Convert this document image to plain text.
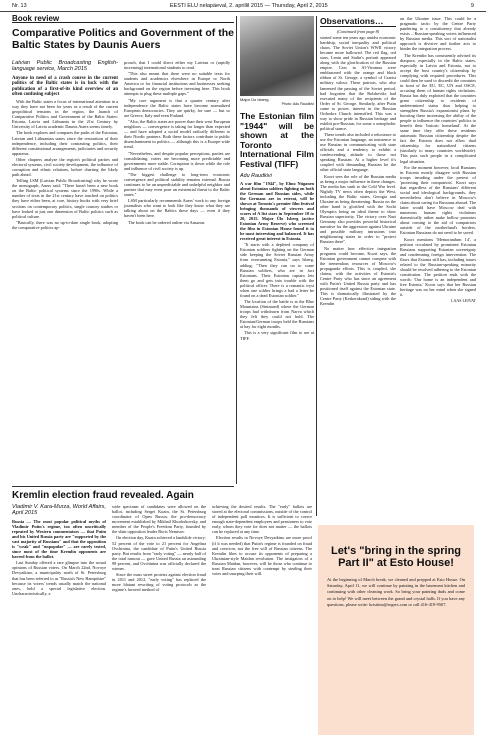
Nr. 13	EESTI ELU nelapäeval, 2. aprillil 2015 — Thursday, April 2, 2015	9
Book review
Comparative Politics and Government of the Baltic States by Daunis Auers
Latvian Public Broadcasting English-language service, March 2015

Anyone in need of a crash course in the current politics of the Baltic states is in luck with the publication of a first-of-its kind overview of an often confusing subject

With the Baltic states a focus of international attention in a way they have not been for years as a result of the current geopolitical tensions in the region, the launch of Comparative Politics and Government of the Baltic States: Estonia, Latvia and Lithuania in the 21st Century by University of Latvia academic Daunis Auers seems timely.

The book explores and compares the paths of the Estonian, Latvian and Lithuanian states since the restoration of their independence, including their contrasting politics, their different constitutional arrangements, judiciaries and security apparatus.

Other chapters analyze the region's political parties and electoral systems, civil society development, the influence of corruption and ethnic relations, before charting the likely path ahead.

Telling LSM (Latvian Public Broadcasting) why he wrote the monograph, Auers said: "There hasn't been a new book on the Baltic political systems since the 1990s. While a number of texts in the 21st century have touched on politics they have either been, at core, history books with very brief sections on contemporary politics, single country studies or have looked at just one dimension of Baltic politics such as political culture.

"Basically, there was no up-to-date single book, adopting the comparative politics ap-

proach, that I could direct either my Latvian or (rapidly increasing) international students to read.

"This also meant that there were no suitable texts for students and academics elsewhere in Europe or North America or for financial institutions and businesses seeking background on the region before investing here. This book attempts to plug these multiple gaps."

"My core argument is that a quarter century after independence the Baltic states have become normalized European democracies. They are quirky, for sure — but so are Greece, Italy and even Finland.

"Also, the Baltic states are poorer than their west European neighbors — convergence is taking far longer than expected — and have adopted a social model radically different to their Nordic partners. Both these factors contribute to public disenchantment in politics — although this is a Europe-wide trend.

"Nevertheless, and despite popular perceptions, parties are consolidating, voters are becoming more predictable and governments more stable. Corruption is down while the role and influence of civil society is up.

"The biggest challenge to long-term economic convergence and political stability remains external. Russia continues to be an unpredictable and unhelpful neighbor and partner that may even pose an existential threat to the Baltic states."

LSM particularly recommends Auers' work to any foreign journalists who want to look like they know what they are talking about on the Baltics these days — even if they haven't been here.

The book can be ordered online via Amazon.

Major Üo Isberg.
Photo: Adu Raudkivi
The Estonian film "1944" will be shown at the Toronto International Film Festival (TIFF)
Adu Raudkivi

A war film "1944", by Elmo Nüganen about Estonian soldiers fighting on both the German and Russian sides, while the Germans are in retreat, will be shown at Toronto's premier film festival bringing thousands of viewers and scores of A list stars in September 10 to 20, 2015. Major Ülo Isberg (active Estonian Army Reserve) who screened the film in Estonian House found it to be most interesting and balanced. It has received great interest in Estonia.

"It starts with a depleted company of Estonian soldiers fighting on the German side keeping the Soviet Russian Army from overrunning Estonia," says Isberg, adding, "Then they run on to some Russian soldiers, who are in fact Estonians. Their Estonian captain lets them go and gets into trouble with the political officer. There is a romantic tryst when one soldier brings a bad a letter he found on a dead Estonian soldier."

The location of the battle is at the Blue Mountains (Sinimaed) where the German troops had withdrawn from Narva which they felt they could not hold. The Estonian/German troops held the Russians at bay for eight months.

This is a very significant film to see at TIFF.

Observations…
(Continued from page 8)

started some ten years ago amidst economic hardship, social inequality and political chaos. The Soviet Union's WWII victory became more hallowed. The red flag, red stars, Lenin and Stalin's portrait appeared along with the glorification of the Russian empire. Cars in Al-Virumaa were emblazoned with the orange and black ribbon of St. George, a symbol of Czarist military valour. These patriots, who also lamented the passing of the Soviet period, had forgotten that the Bolsheviks had executed many of the recipients of the Order of St. George. Similarly, after Putin came to power, interest in the Russian Orthodox Church intensified. This was a way to show pride in Russian heritage and exhibit pro-Russian, for some a xenophobic political stance.

These trends also included a reluctance to use the Estonian language, an insistence to use Russian in communicating with state officials and a tendency to exhibit a condescending attitude to those not speaking Russian. At a higher level it's coupled with demanding Russian be the other official state language.

Koort sees the role of the Russian media as being a major influence in these changes. The media has sunk to the Cold War level. Nightly TV news often depicts the West, including the Baltic states, Georgia and Ukraine as being threatening. Russia on the other hand is glorified with the Sochi Olympics being an ideal theme to show Russian superiority. The victory over Nazi Germany also provides powerful historical narrative for the aggression against Ukraine and possible military intrusions into neighbouring states in order to "protect Russian there".

No matter how effective integration programs could become, Koort says, the Estonian government cannot compete with the tremendous resources of Moscow's propaganda efforts. This is coupled, she claims, with the activities of Estonia's Centre Party who has since an agreement with Putin's United Russia party and has positioned itself against the Estonian state. This is dramatically illustrated by the Centre Party (Keskerakond) siding with the Kremlin

on the Ukraine issue. This could be a pragmatic tactic by the Centre Party pandering to a constituency that already exists – Russian-speaking voters influenced by Russian media. This sort of nationalist approach is divisive and further acts to hinder the integration process.

The Kremlin has consistently advised its diaspora, especially in the Baltic states, especially in Latvia and Estonia, not to accept the host country's citizenship by complying with required procedures. This could then be used to discredit the countries in front of the EU, EC, UN and OSCE, accusing them of human rights violations. Russia has duly exploited that the countries grant citizenship to residents of undetermined status thus helping to strengthen Russia's expansionist plans by boosting these increasing the ability of the people to influence the countries' politics to benefit their 'historic homeland'. At the same time they offer these residents automatic Russian citizenship despite the fact the Estonia does not allow dual citizenship for naturalized citizens (similarly to many countries worldwide). This puts such people in a complicated legal situation.

For the moment however, local Russians in Estonia mostly disagree with Russian troops invading under the pretext of 'protecting their compatriots'. Koort says that regardless of the Russians' different social and ideological backgrounds, they nevertheless don't believe in Moscow's claim about caring for Russians abroad. The latter would have Moscow deal with numerous human rights violations domestically rather make hollow promises about coming to the aid of compatriots outside of the motherland's borders. Estonian Russians do not need to be saved.

Koort mentions 'Memorandum 14', a petition circulated by prominent Estonian Russians supporting Estonian sovereignty and condemning foreign intervention. The flaws that Estonia still has, including issues related to the Russian-speaking minority should be resolved adhering to the Estonian constitution. The petition ends with the words: 'Our home is an independent and free Estonia.' Koort says that her Russian heritage was no her mind when she signed it.

LAAS LEIVAT
Kremlin election fraud revealed. Again
Vladimir V. Kara-Murza, World Affairs, April 2015

Russia — The most popular political myths of Vladimir Putin's regime, too often uncritically repeated by Western commentators — that Putin and his United Russia party are "supported by the vast majority of Russians" and that the opposition is "weak" and "unpopular" — are rarely tested, since most of the time Kremlin opponents are barred from the ballot.

Last Sunday offered a rare glimpse into the actual opinions of Russian voters. On March 22nd, Novoye Devyatkino, a municipality north of St. Petersburg that has been referred to as "Russia's New Hampshire" because its voters' trends usually match the national ones, held a special legislative election. Uncharacteristically, a

wide spectrum of candidates were allowed on the ballot, including Sergei Kuzin, the St. Petersburg coordinator of Open Russia, the pro-democracy movement established by Mikhail Khodorkovsky, and member of the People's Freedom Party, founded by the slain opposition leader Boris Nemtsov.

On election day, Kuzin achieved a landslide victory: 52 percent of the vote to 21 percent for Angelina Ovchinina, the candidate of Putin's United Russia party. But results from "early voting" — nearly half of the total turnout — gave United Russia an astounding 98 percent, and Ovchinina was officially declared the winner.

Since the mass street protests against election fraud in 2011 and 2012, "early voting" has replaced the more blatant rewriting of voting protocols as the regime's favored method of

achieving the desired results. The "early" ballots are stored at the electoral commissions, outside of the control of independent poll monitors. It is sufficient to coerce enough state-dependent employees and pensioners to vote early, whom they vote for does not matter — the ballots can be replaced at any time.

Election results in Novoye Devyatkino are more proof (if it was needed) that Putin's regime is founded on fraud and coercion, not the free will of Russian citizens. The Kremlin likes to accuse its opponents of preparing a Ukrainian-style Maidan revolution. The instigators of a Russian Maidan, however, will be those who continue to treat Russian citizens with contempt by stealing their votes and usurping their will.

Let's "bring in the spring Part II" at Esto House!
At the beginning of March break, we cleaned and prepped at Esto House. On Saturday, April 11, we will continue by painting in the basement kitchen and continuing with other cleaning work. So bring your painting duds and come on to help! We will meet between the grand and crystal halls. If you have any questions, please write: kristiina@rogers.com or call 416-419-9507.
